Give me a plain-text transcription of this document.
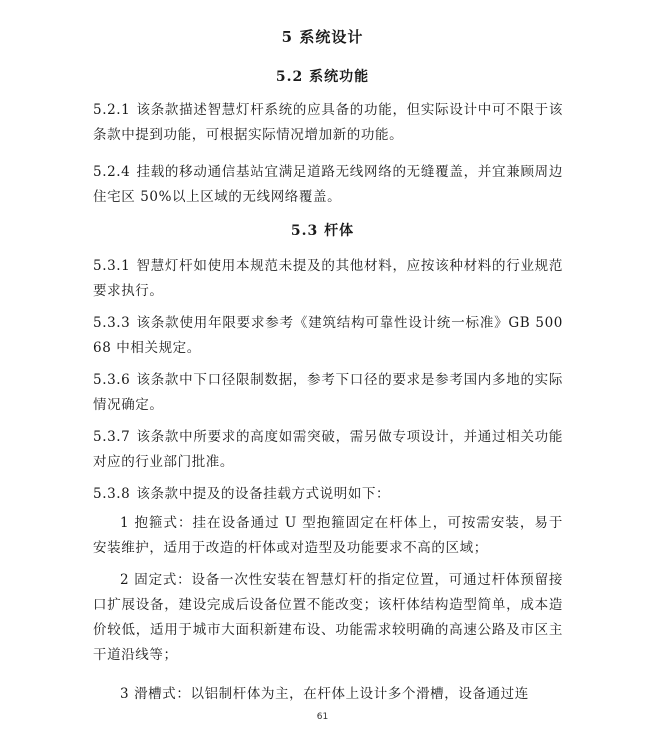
5 系统设计
5.2 系统功能
5.2.1 该条款描述智慧灯杆系统的应具备的功能，但实际设计中可不限于该条款中提到功能，可根据实际情况增加新的功能。
5.2.4 挂载的移动通信基站宜满足道路无线网络的无缝覆盖，并宜兼顾周边住宅区 50%以上区域的无线网络覆盖。
5.3 杆体
5.3.1 智慧灯杆如使用本规范未提及的其他材料，应按该种材料的行业规范要求执行。
5.3.3 该条款使用年限要求参考《建筑结构可靠性设计统一标准》GB 50068 中相关规定。
5.3.6 该条款中下口径限制数据，参考下口径的要求是参考国内多地的实际情况确定。
5.3.7 该条款中所要求的高度如需突破，需另做专项设计，并通过相关功能对应的行业部门批准。
5.3.8 该条款中提及的设备挂载方式说明如下：
1 抱箍式：挂在设备通过 U 型抱箍固定在杆体上，可按需安装，易于安装维护，适用于改造的杆体或对造型及功能要求不高的区域；
2 固定式：设备一次性安装在智慧灯杆的指定位置，可通过杆体预留接口扩展设备，建设完成后设备位置不能改变；该杆体结构造型简单，成本造价较低，适用于城市大面积新建布设、功能需求较明确的高速公路及市区主干道沿线等；
3 滑槽式：以铝制杆体为主，在杆体上设计多个滑槽，设备通过连
61
